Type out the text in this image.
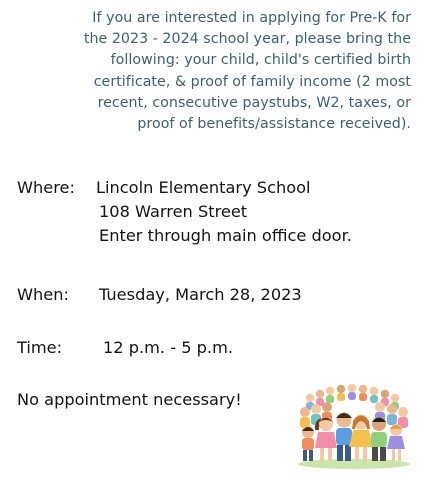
If you are interested in applying for Pre-K for
the 2023 - 2024 school year, please bring the
following: your child, child's certified birth
certificate, & proof of family income (2 most
recent, consecutive paystubs, W2, taxes, or
proof of benefits/assistance received).

Where: Lincoln Elementary School
108 Warren Street
Enter through main office door.
When: Tuesday, March 28, 2023
Time:	12 p.m. - 5 p.m.
No appointment necessary!
